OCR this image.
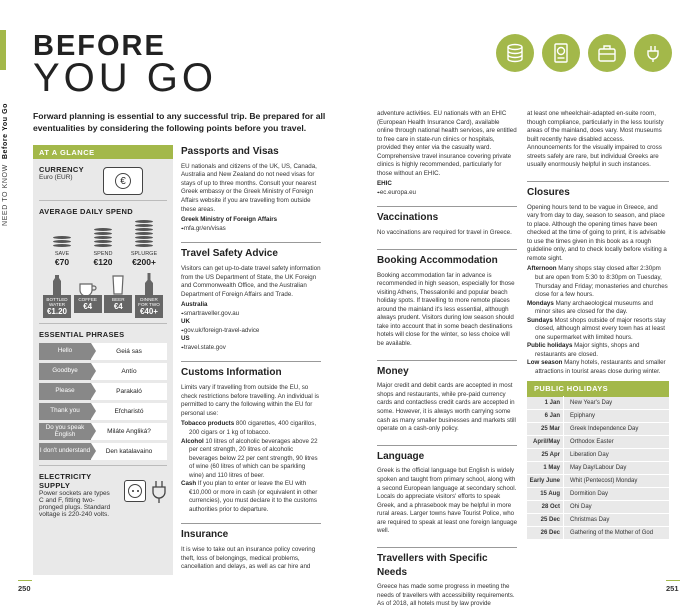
NEED TO KNOW  Before You Go
BEFORE
YOU GO

Forward planning is essential to any successful trip. Be prepared for all eventualities by considering the following points before you travel.

AT A GLANCE
CURRENCY
Euro (EUR)	€
AVERAGE DAILY SPEND
SAVE
€70
SPEND
€120
SPLURGE
€200+
BOTTLED WATER
€1.20
COFFEE
€4
BEER
€4
DINNER FOR TWO
€40+
ESSENTIAL PHRASES
Hello	Geiá sas
Goodbye	Antío
Please	Parakaló
Thank you	Efcharistó
Do you speak English	Miláte Angliká?
I don't understand	Den katalavaino
ELECTRICITY SUPPLY
Power sockets are types C and F, fitting two-pronged plugs. Standard voltage is 220-240 volts.
Passports and Visas

EU nationals and citizens of the UK, US, Canada, Australia and New Zealand do not need visas for stays of up to three months. Consult your nearest Greek embassy or the Greek Ministry of Foreign Affairs website if you are travelling from outside these areas.

Greek Ministry of Foreign Affairs
⌖ mfa.gr/en/visas
Travel Safety Advice

Visitors can get up-to-date travel safety information from the US Department of State, the UK Foreign and Commonwealth Office, and the Australian Department of Foreign Affairs and Trade.

Australia
⌖ smartraveller.gov.au
UK
⌖ gov.uk/foreign-travel-advice
US
⌖ travel.state.gov
Customs Information

Limits vary if travelling from outside the EU, so check restrictions before travelling. An individual is permitted to carry the following within the EU for personal use:

Tobacco products 800 cigarettes, 400 cigarillos, 200 cigars or 1 kg of tobacco.

Alcohol 10 litres of alcoholic beverages above 22 per cent strength, 20 litres of alcoholic beverages below 22 per cent strength, 90 litres of wine (60 litres of which can be sparkling wine) and 110 litres of beer.

Cash If you plan to enter or leave the EU with €10,000 or more in cash (or equivalent in other currencies), you must declare it to the customs authorities prior to departure.

Insurance

It is wise to take out an insurance policy covering theft, loss of belongings, medical problems, cancellation and delays, as well as car hire and

adventure activities. EU nationals with an EHIC (European Health Insurance Card), available online through national health services, are entitled to free care in state-run clinics or hospitals, provided they enter via the casualty ward. Comprehensive travel insurance covering private clinics is highly recommended, particularly for those without an EHIC.

EHIC
⌖ ec.europa.eu
Vaccinations

No vaccinations are required for travel in Greece.

Booking Accommodation

Booking accommodation far in advance is recommended in high season, especially for those visiting Athens, Thessaloníki and popular beach holiday spots. If travelling to more remote places around the mainland it's less essential, although always prudent. Visitors during low season should take into account that in some beach destinations hotels will close for the winter, so less choice will be available.

Money

Major credit and debit cards are accepted in most shops and restaurants, while pre-paid currency cards and contactless credit cards are accepted in some. However, it is always worth carrying some cash as many smaller businesses and markets still operate on a cash-only policy.

Language

Greek is the official language but English is widely spoken and taught from primary school, along with a second European language at secondary school. Locals do appreciate visitors' efforts to speak Greek, and a phrasebook may be helpful in more rural areas. Larger towns have Tourist Police, who are required to speak at least one foreign language well.

Travellers with Specific Needs

Greece has made some progress in meeting the needs of travellers with accessibility requirements. As of 2018, all hotels must by law provide

at least one wheelchair-adapted en-suite room, though compliance, particularly in the less touristy areas of the mainland, does vary. Most museums built recently have disabled access. Announcements for the visually impaired to cross streets safely are rare, but individual Greeks are usually enormously helpful in such instances.

Closures

Opening hours tend to be vague in Greece, and vary from day to day, season to season, and place to place. Although the opening times have been checked at the time of going to print, it is advisable to use the times given in this book as a rough guideline only, and to check locally before visiting a remote sight.

Afternoon Many shops stay closed after 2:30pm but are open from 5:30 to 8:30pm on Tuesday, Thursday and Friday; monasteries and churches close for a few hours.

Mondays Many archaeological museums and minor sites are closed for the day.

Sundays Most shops outside of major resorts stay closed, although almost every town has at least one supermarket with limited hours.

Public holidays Major sights, shops and restaurants are closed.

Low season Many hotels, restaurants and smaller attractions in tourist areas close during winter.

PUBLIC HOLIDAYS
1 Jan	New Year's Day
6 Jan	Epiphany
25 Mar	Greek Independence Day
April/May	Orthodox Easter
25 Apr	Liberation Day
1 May	May Day/Labour Day
Early June	Whit (Pentecost) Monday
15 Aug	Dormition Day
28 Oct	Ohi Day
25 Dec	Christmas Day
26 Dec	Gathering of the Mother of God
250	251
